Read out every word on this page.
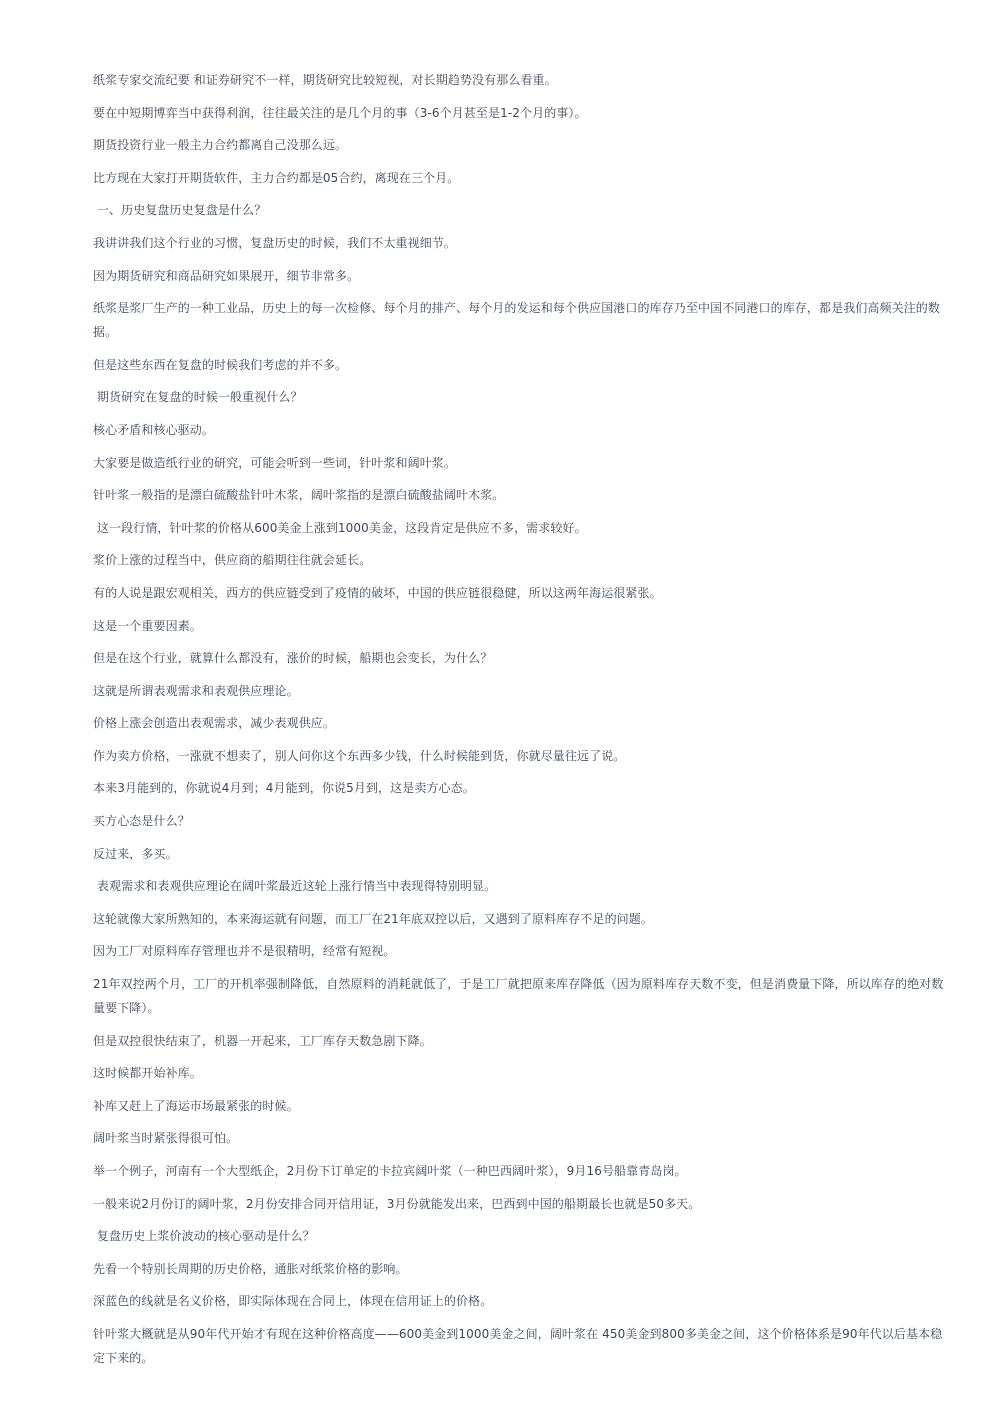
纸浆专家交流纪要 和证券研究不一样，期货研究比较短视，对长期趋势没有那么看重。

要在中短期博弈当中获得利润，往往最关注的是几个月的事（3-6个月甚至是1-2个月的事）。

期货投资行业一般主力合约都离自己没那么远。

比方现在大家打开期货软件，主力合约都是05合约，离现在三个月。

一、历史复盘历史复盘是什么？

我讲讲我们这个行业的习惯，复盘历史的时候，我们不太重视细节。

因为期货研究和商品研究如果展开，细节非常多。

纸浆是浆厂生产的一种工业品，历史上的每一次检修、每个月的排产、每个月的发运和每个供应国港口的库存乃至中国不同港口的库存，都是我们高频关注的数据。

但是这些东西在复盘的时候我们考虑的并不多。

期货研究在复盘的时候一般重视什么？

核心矛盾和核心驱动。

大家要是做造纸行业的研究，可能会听到一些词，针叶浆和阔叶浆。

针叶浆一般指的是漂白硫酸盐针叶木浆，阔叶浆指的是漂白硫酸盐阔叶木浆。

这一段行情，针叶浆的价格从600美金上涨到1000美金，这段肯定是供应不多，需求较好。

浆价上涨的过程当中，供应商的船期往往就会延长。

有的人说是跟宏观相关，西方的供应链受到了疫情的破坏，中国的供应链很稳健，所以这两年海运很紧张。

这是一个重要因素。

但是在这个行业，就算什么都没有，涨价的时候，船期也会变长，为什么？

这就是所谓表观需求和表观供应理论。

价格上涨会创造出表观需求，减少表观供应。

作为卖方价格，一涨就不想卖了，别人问你这个东西多少钱，什么时候能到货，你就尽量往远了说。

本来3月能到的，你就说4月到；4月能到，你说5月到，这是卖方心态。

买方心态是什么？

反过来，多买。

表观需求和表观供应理论在阔叶浆最近这轮上涨行情当中表现得特别明显。

这轮就像大家所熟知的，本来海运就有问题，而工厂在21年底双控以后，又遇到了原料库存不足的问题。

因为工厂对原料库存管理也并不是很精明，经常有短视。

21年双控两个月，工厂的开机率强制降低，自然原料的消耗就低了，于是工厂就把原来库存降低（因为原料库存天数不变，但是消费量下降，所以库存的绝对数量要下降）。

但是双控很快结束了，机器一开起来，工厂库存天数急剧下降。

这时候都开始补库。

补库又赶上了海运市场最紧张的时候。

阔叶浆当时紧张得很可怕。

举一个例子，河南有一个大型纸企，2月份下订单定的卡拉宾阔叶浆（一种巴西阔叶浆），9月16号船靠青岛岗。

一般来说2月份订的阔叶浆，2月份安排合同开信用证，3月份就能发出来，巴西到中国的船期最长也就是50多天。

复盘历史上浆价波动的核心驱动是什么？

先看一个特别长周期的历史价格，通胀对纸浆价格的影响。

深蓝色的线就是名义价格，即实际体现在合同上，体现在信用证上的价格。

针叶浆大概就是从90年代开始才有现在这种价格高度——600美金到1000美金之间，阔叶浆在 450美金到800多美金之间，这个价格体系是90年代以后基本稳定下来的。
